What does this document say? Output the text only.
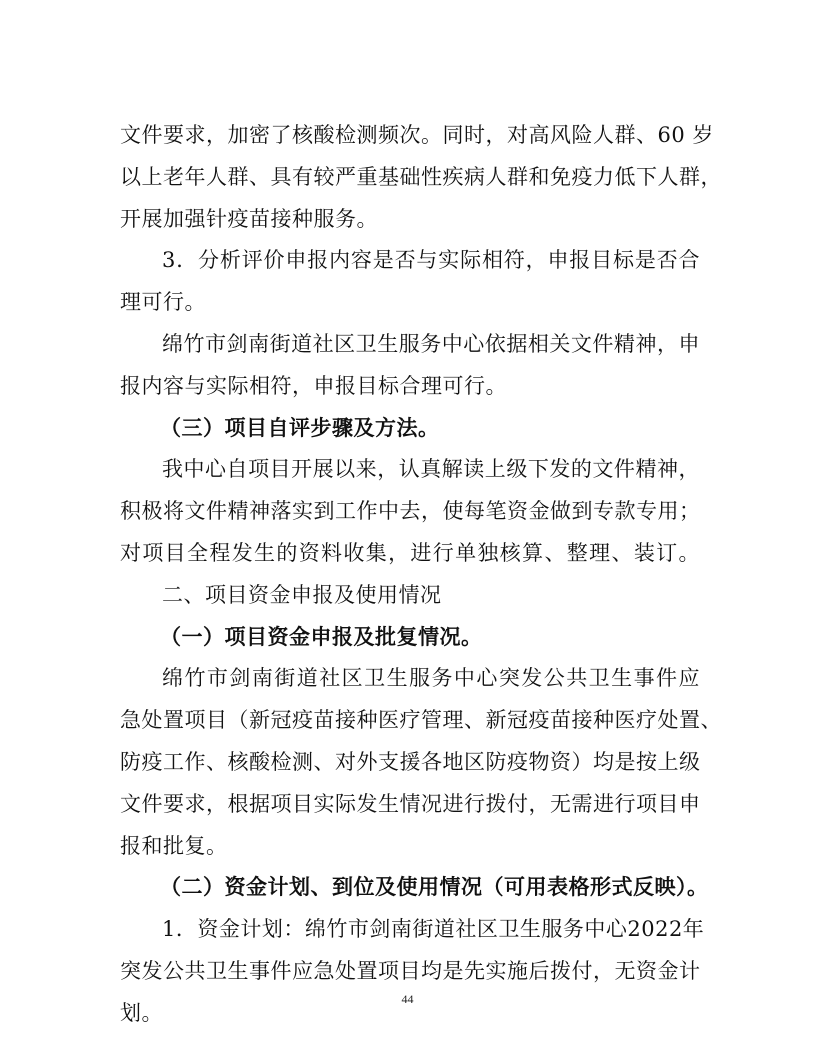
文件要求，加密了核酸检测频次。同时，对高风险人群、60 岁
以上老年人群、具有较严重基础性疾病人群和免疫力低下人群，
开展加强针疫苗接种服务。
3．分析评价申报内容是否与实际相符，申报目标是否合
理可行。
绵竹市剑南街道社区卫生服务中心依据相关文件精神，申
报内容与实际相符，申报目标合理可行。
（三）项目自评步骤及方法。
我中心自项目开展以来，认真解读上级下发的文件精神，
积极将文件精神落实到工作中去，使每笔资金做到专款专用；
对项目全程发生的资料收集，进行单独核算、整理、装订。
二、项目资金申报及使用情况
（一）项目资金申报及批复情况。
绵竹市剑南街道社区卫生服务中心突发公共卫生事件应
急处置项目（新冠疫苗接种医疗管理、新冠疫苗接种医疗处置、
防疫工作、核酸检测、对外支援各地区防疫物资）均是按上级
文件要求，根据项目实际发生情况进行拨付，无需进行项目申
报和批复。
（二）资金计划、到位及使用情况（可用表格形式反映）。
1．资金计划：绵竹市剑南街道社区卫生服务中心2022年
突发公共卫生事件应急处置项目均是先实施后拨付，无资金计
44
划。
